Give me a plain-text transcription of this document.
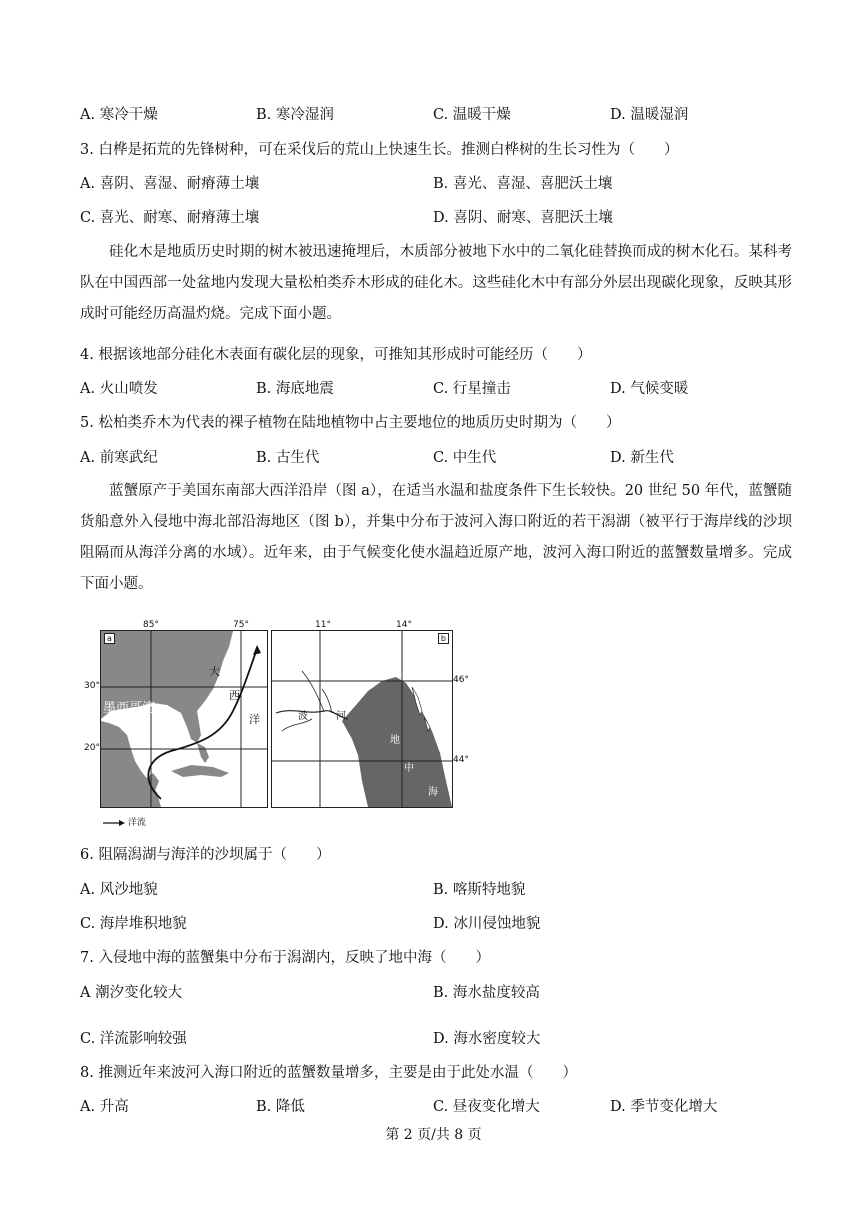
A. 寒冷干燥	B. 寒冷湿润	C. 温暖干燥	D. 温暖湿润
3. 白桦是拓荒的先锋树种，可在采伐后的荒山上快速生长。推测白桦树的生长习性为（　　）
A. 喜阴、喜湿、耐瘠薄土壤	B. 喜光、喜湿、喜肥沃土壤
C. 喜光、耐寒、耐瘠薄土壤	D. 喜阴、耐寒、喜肥沃土壤
硅化木是地质历史时期的树木被迅速掩埋后，木质部分被地下水中的二氧化硅替换而成的树木化石。某科考队在中国西部一处盆地内发现大量松柏类乔木形成的硅化木。这些硅化木中有部分外层出现碳化现象，反映其形成时可能经历高温灼烧。完成下面小题。
4. 根据该地部分硅化木表面有碳化层的现象，可推知其形成时可能经历（　　）
A. 火山喷发	B. 海底地震	C. 行星撞击	D. 气候变暖
5. 松柏类乔木为代表的裸子植物在陆地植物中占主要地位的地质历史时期为（　　）
A. 前寒武纪	B. 古生代	C. 中生代	D. 新生代
蓝蟹原产于美国东南部大西洋沿岸（图 a），在适当水温和盐度条件下生长较快。20 世纪 50 年代，蓝蟹随货船意外入侵地中海北部沿海地区（图 b），并集中分布于波河入海口附近的若干潟湖（被平行于海岸线的沙坝阻隔而从海洋分离的水域）。近年来，由于气候变化使水温趋近原产地，波河入海口附近的蓝蟹数量增多。完成下面小题。
a
墨西哥湾
大
西
洋
85°	75°
30°
20°
b
波	河
地
中
海
11°	14°
46°
44°
洋流
6. 阻隔潟湖与海洋的沙坝属于（　　）
A. 风沙地貌	B. 喀斯特地貌
C. 海岸堆积地貌	D. 冰川侵蚀地貌
7. 入侵地中海的蓝蟹集中分布于潟湖内，反映了地中海（　　）
A 潮汐变化较大	B. 海水盐度较高
C. 洋流影响较强	D. 海水密度较大
8. 推测近年来波河入海口附近的蓝蟹数量增多，主要是由于此处水温（　　）
A. 升高	B. 降低	C. 昼夜变化增大	D. 季节变化增大
第 2 页/共 8 页
